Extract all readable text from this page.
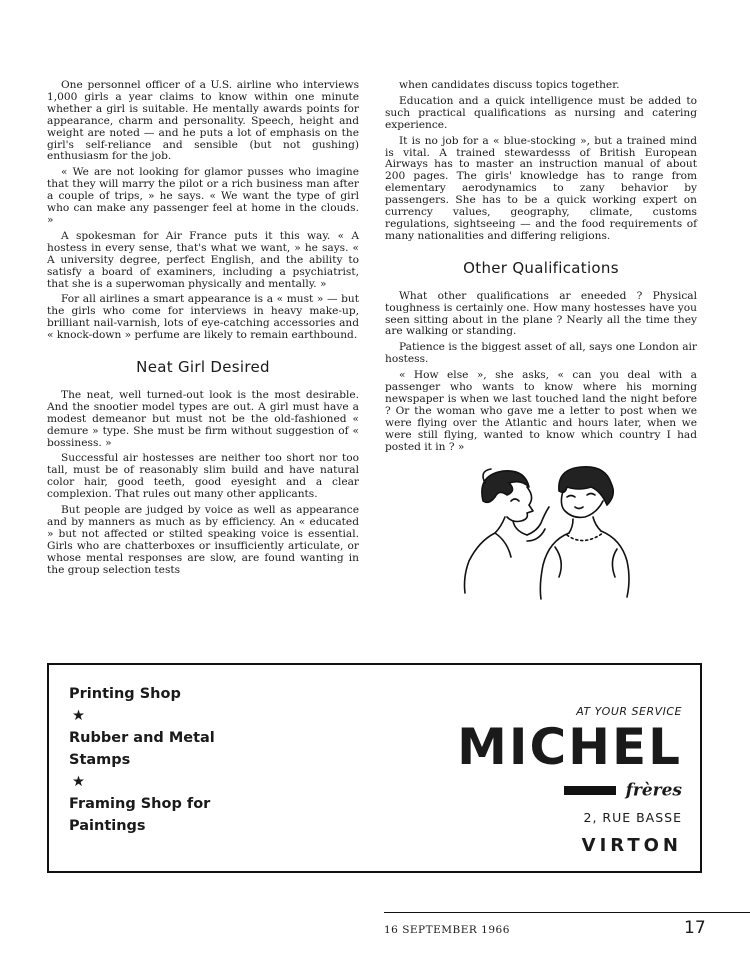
One personnel officer of a U.S. airline who interviews 1,000 girls a year claims to know within one minute whether a girl is suitable. He mentally awards points for appearance, charm and personality. Speech, height and weight are noted — and he puts a lot of emphasis on the girl's self-reliance and sensible (but not gushing) enthusiasm for the job.

« We are not looking for glamor pusses who imagine that they will marry the pilot or a rich business man after a couple of trips, » he says. « We want the type of girl who can make any passenger feel at home in the clouds. »

A spokesman for Air France puts it this way. « A hostess in every sense, that's what we want, » he says. « A university degree, perfect English, and the ability to satisfy a board of examiners, including a psychiatrist, that she is a superwoman physically and mentally. »

For all airlines a smart appearance is a « must » — but the girls who come for interviews in heavy make-up, brilliant nail-varnish, lots of eye-catching accessories and « knock-down » perfume are likely to remain earthbound.

Neat Girl Desired

The neat, well turned-out look is the most desirable. And the snootier model types are out. A girl must have a modest demeanor but must not be the old-fashioned « demure » type. She must be firm without suggestion of « bossiness. »

Successful air hostesses are neither too short nor too tall, must be of reasonably slim build and have natural color hair, good teeth, good eyesight and a clear complexion. That rules out many other applicants.

But people are judged by voice as well as appearance and by manners as much as by efficiency. An « educated » but not affected or stilted speaking voice is essential. Girls who are chatterboxes or insufficiently articulate, or whose mental responses are slow, are found wanting in the group selection tests

when candidates discuss topics together.

Education and a quick intelligence must be added to such practical qualifications as nursing and catering experience.

It is no job for a « blue-stocking », but a trained mind is vital. A trained stewardesss of British European Airways has to master an instruction manual of about 200 pages. The girls' knowledge has to range from elementary aerodynamics to zany behavior by passengers. She has to be a quick working expert on currency values, geography, climate, customs regulations, sightseeing — and the food requirements of many nationalities and differing religions.

Other Qualifications

What other qualifications ar eneeded ? Physical toughness is certainly one. How many hostesses have you seen sitting about in the plane ? Nearly all the time they are walking or standing.

Patience is the biggest asset of all, says one London air hostess.

« How else », she asks, « can you deal with a passenger who wants to know where his morning newspaper is when we last touched land the night before ? Or the woman who gave me a letter to post when we were flying over the Atlantic and hours later, when we were still flying, wanted to know which country I had posted it in ? »

Printing Shop
★
Rubber and Metal Stamps
★
Framing Shop for Paintings
AT YOUR SERVICE
MICHEL
frères
2, RUE BASSE
VIRTON
16 SEPTEMBER 1966	17
